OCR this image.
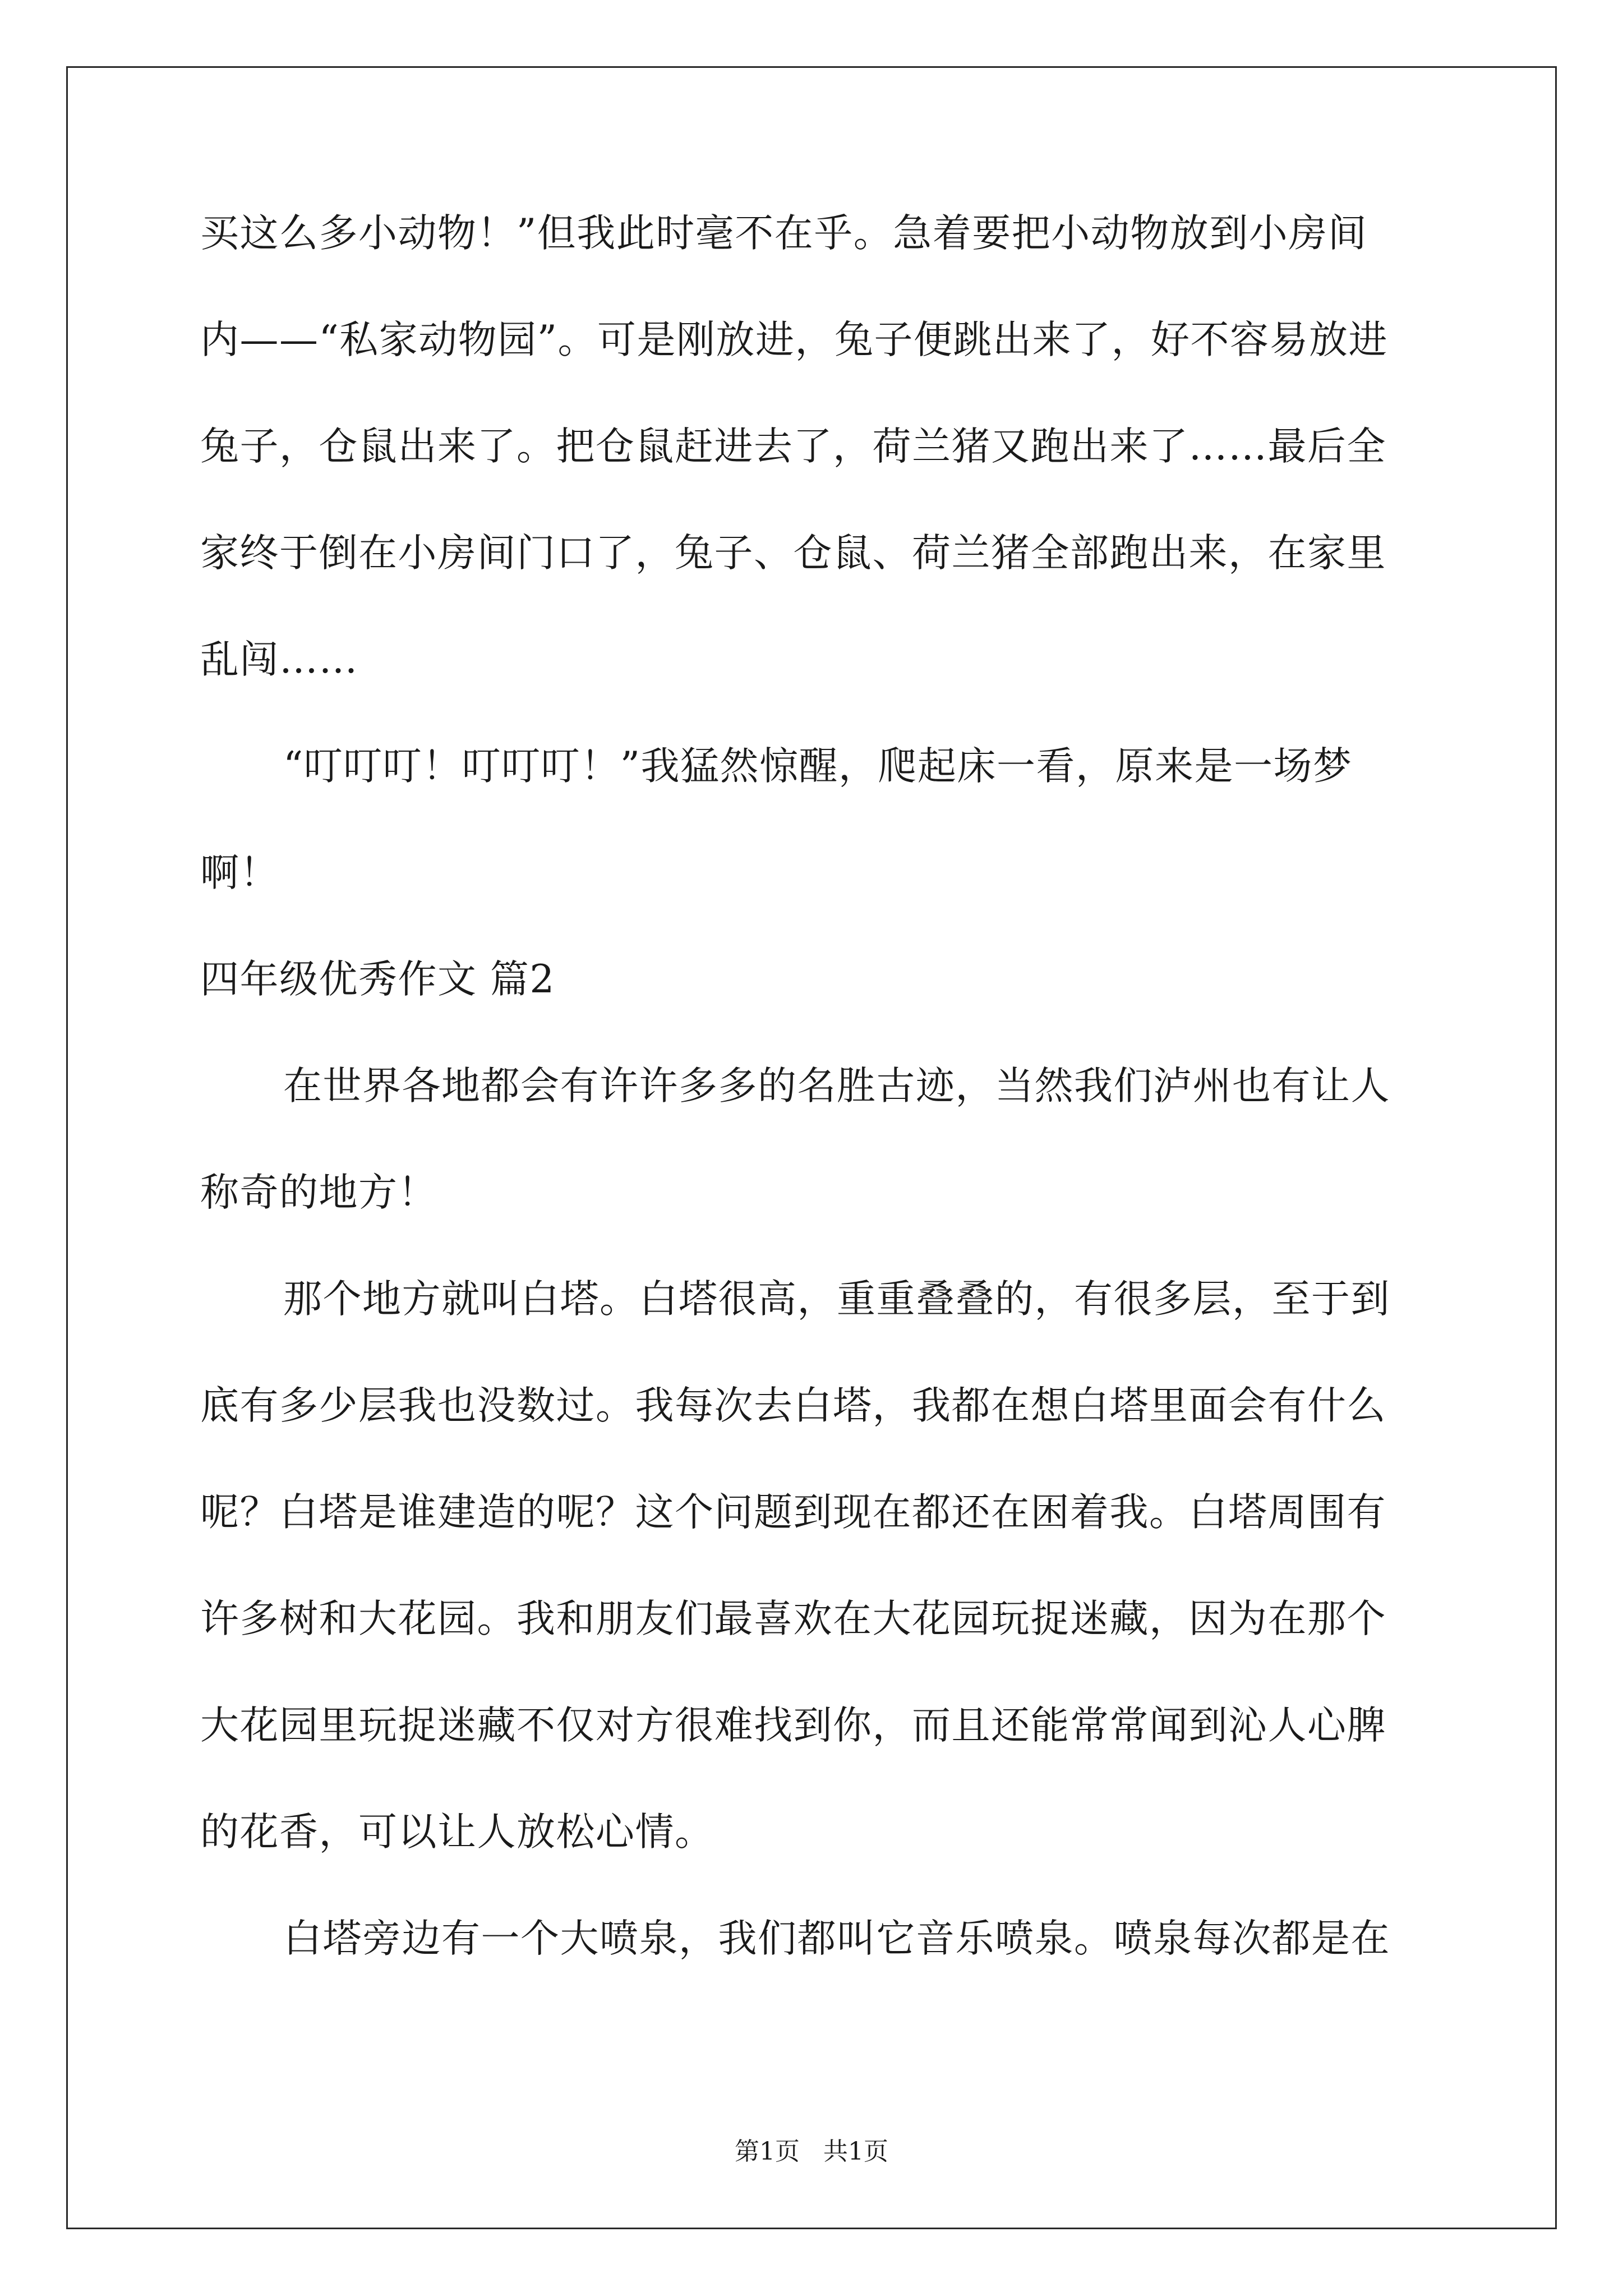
买这么多小动物！”但我此时毫不在乎。急着要把小动物放到小房间
内——“私家动物园”。可是刚放进，兔子便跳出来了，好不容易放进
兔子，仓鼠出来了。把仓鼠赶进去了，荷兰猪又跑出来了……最后全
家终于倒在小房间门口了，兔子、仓鼠、荷兰猪全部跑出来，在家里
乱闯……
“叮叮叮！叮叮叮！”我猛然惊醒，爬起床一看，原来是一场梦
啊！
四年级优秀作文 篇2
在世界各地都会有许许多多的名胜古迹，当然我们泸州也有让人
称奇的地方！
那个地方就叫白塔。白塔很高，重重叠叠的，有很多层，至于到
底有多少层我也没数过。我每次去白塔，我都在想白塔里面会有什么
呢？白塔是谁建造的呢？这个问题到现在都还在困着我。白塔周围有
许多树和大花园。我和朋友们最喜欢在大花园玩捉迷藏，因为在那个
大花园里玩捉迷藏不仅对方很难找到你，而且还能常常闻到沁人心脾
的花香，可以让人放松心情。
白塔旁边有一个大喷泉，我们都叫它音乐喷泉。喷泉每次都是在
第1页   共1页
